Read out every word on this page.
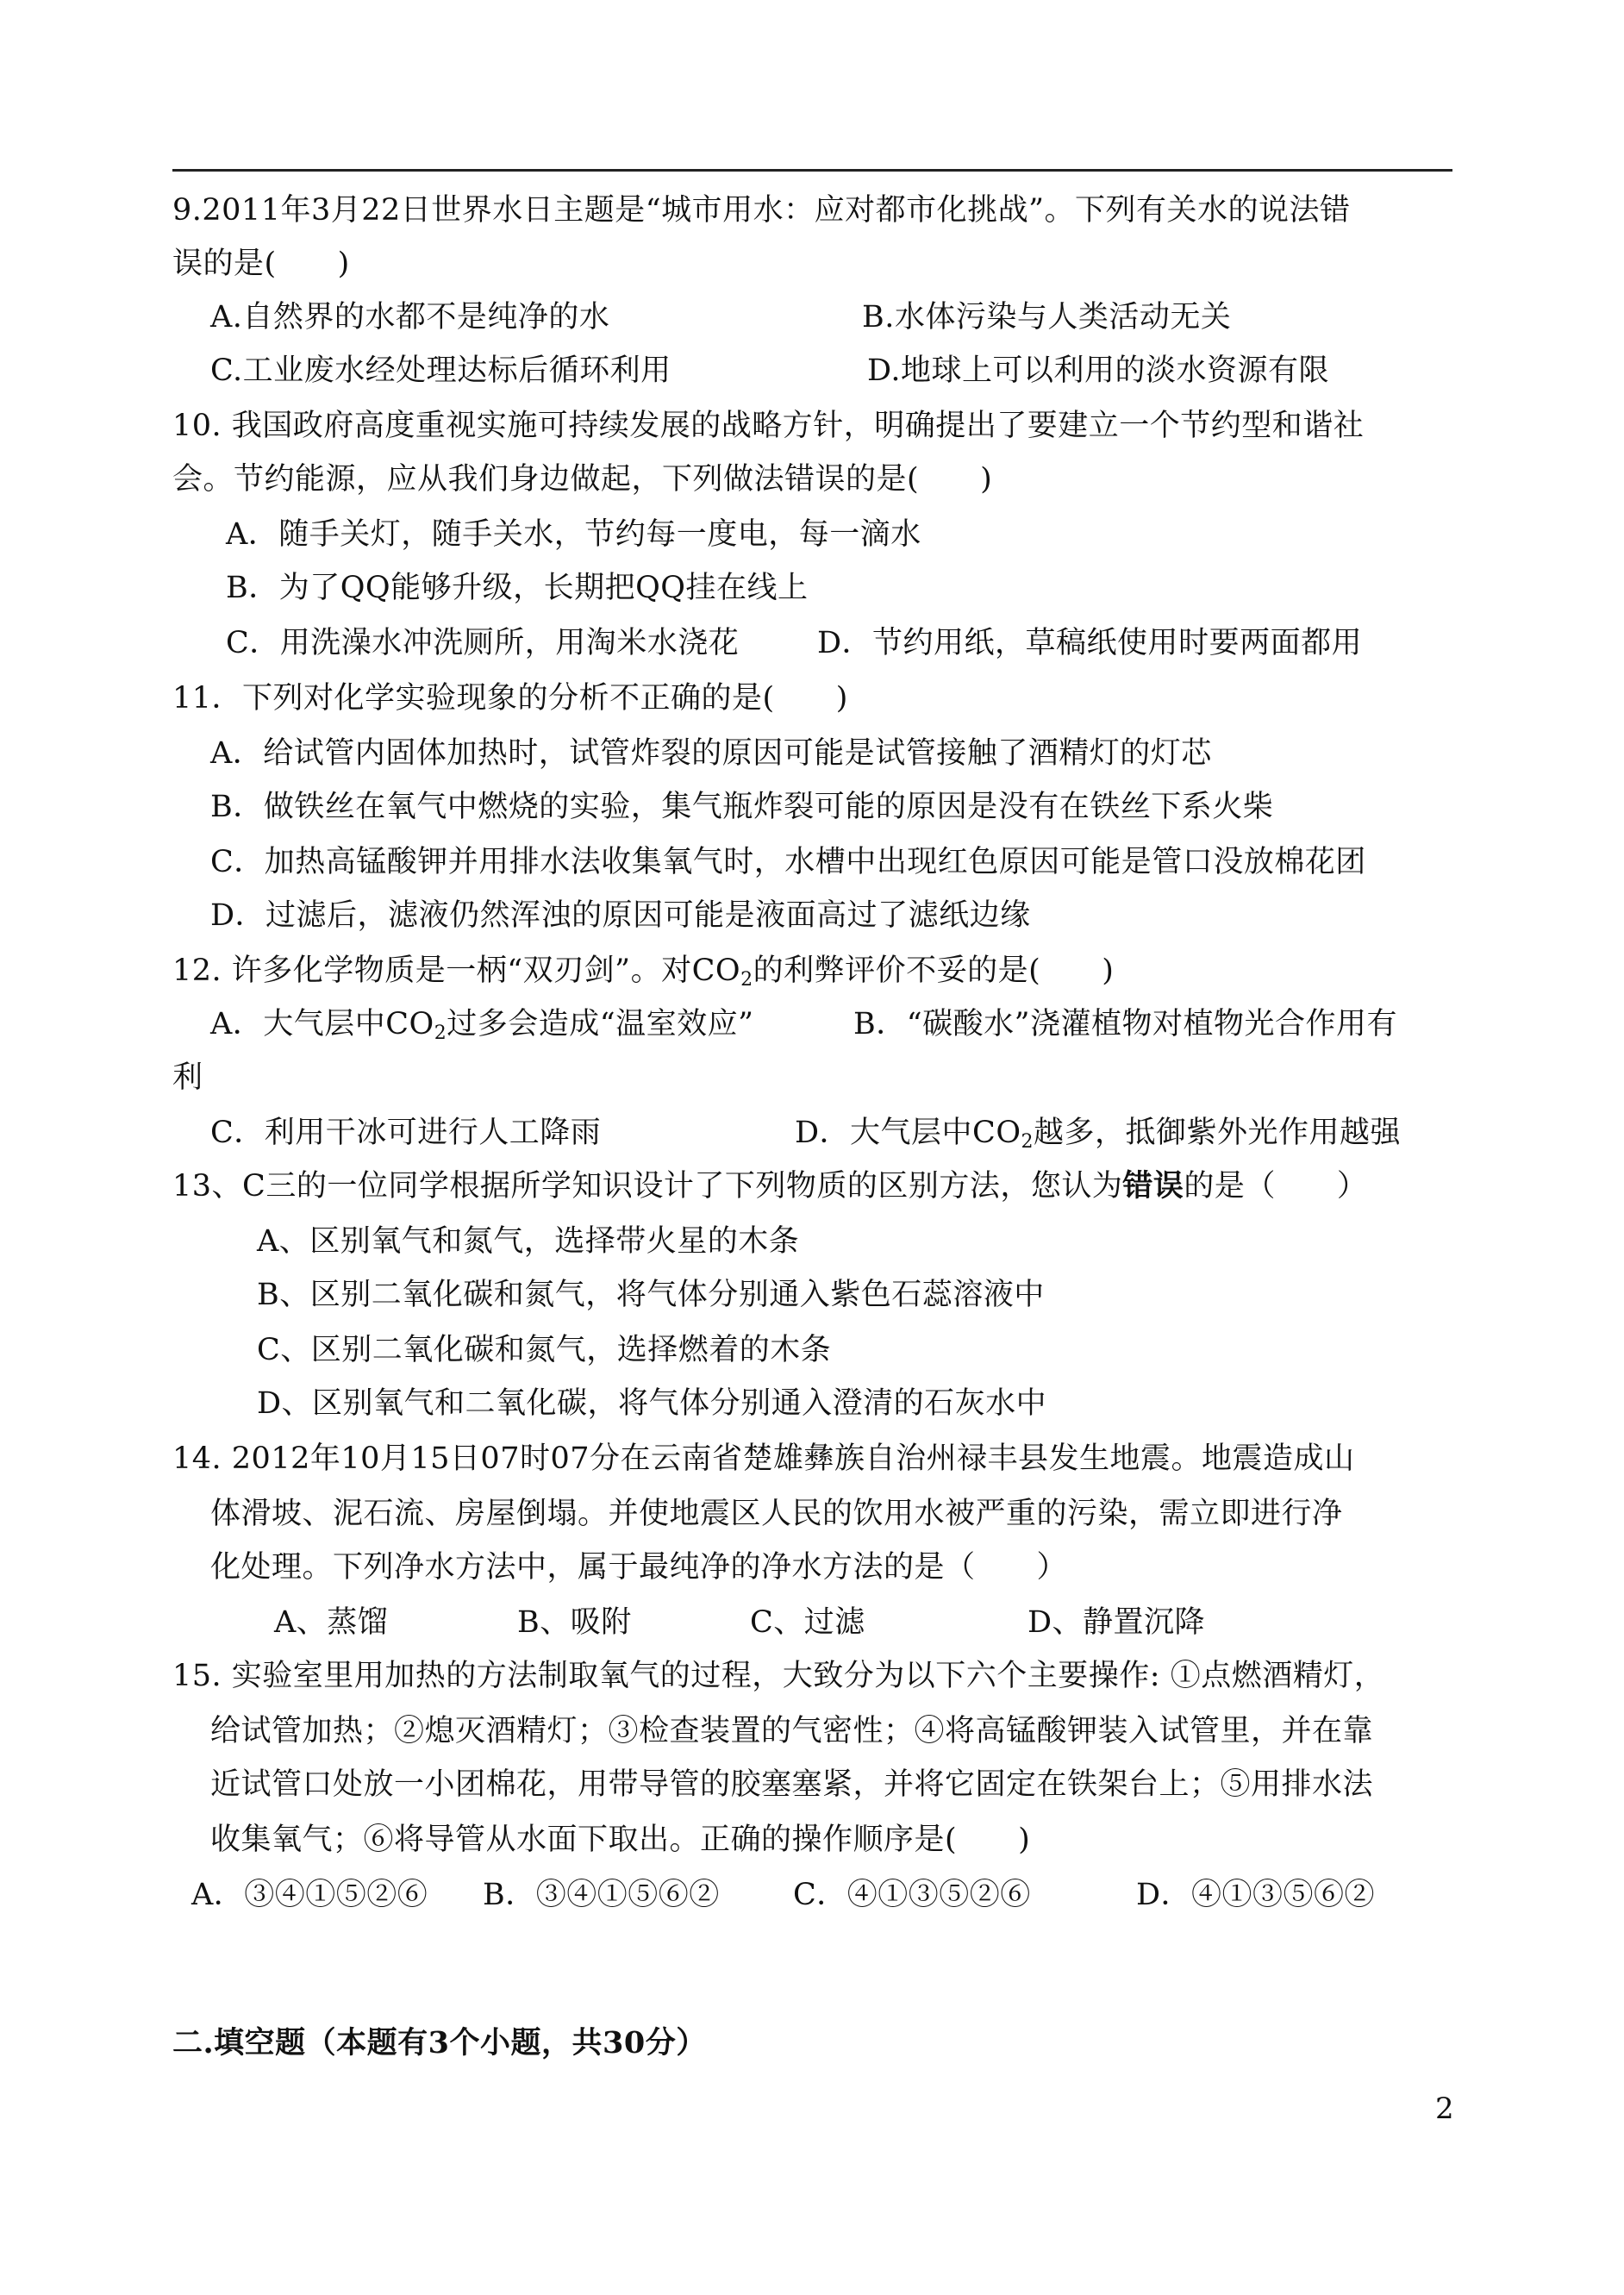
9.2011年3月22日世界水日主题是“城市用水：应对都市化挑战”。下列有关水的说法错
误的是(　　)
A.自然界的水都不是纯净的水	B.水体污染与人类活动无关
C.工业废水经处理达标后循环利用	D.地球上可以利用的淡水资源有限
10. 我国政府高度重视实施可持续发展的战略方针，明确提出了要建立一个节约型和谐社
会。节约能源，应从我们身边做起，下列做法错误的是(　　)
A．随手关灯，随手关水，节约每一度电，每一滴水
B．为了QQ能够升级，长期把QQ挂在线上
C．用洗澡水冲洗厕所，用淘米水浇花	D．节约用纸，草稿纸使用时要两面都用
11．下列对化学实验现象的分析不正确的是(　　)
A．给试管内固体加热时，试管炸裂的原因可能是试管接触了酒精灯的灯芯
B．做铁丝在氧气中燃烧的实验，集气瓶炸裂可能的原因是没有在铁丝下系火柴
C．加热高锰酸钾并用排水法收集氧气时，水槽中出现红色原因可能是管口没放棉花团
D．过滤后，滤液仍然浑浊的原因可能是液面高过了滤纸边缘
12. 许多化学物质是一柄“双刃剑”。对$CO_2$的利弊评价不妥的是(　　)
A．大气层中$CO_2$过多会造成“温室效应”	B．“碳酸水”浇灌植物对植物光合作用有
利
C．利用干冰可进行人工降雨	D．大气层中$CO_2$越多，抵御紫外光作用越强
13、C三的一位同学根据所学知识设计了下列物质的区别方法，您认为错误的是（　　）
A、区别氧气和氮气，选择带火星的木条
B、区别二氧化碳和氮气，将气体分别通入紫色石蕊溶液中
C、区别二氧化碳和氮气，选择燃着的木条
D、区别氧气和二氧化碳，将气体分别通入澄清的石灰水中
14. 2012年10月15日07时07分在云南省楚雄彝族自治州禄丰县发生地震。地震造成山
体滑坡、泥石流、房屋倒塌。并使地震区人民的饮用水被严重的污染，需立即进行净
化处理。下列净水方法中，属于最纯净的净水方法的是（　　）
A、蒸馏	B、吸附	C、过滤	D、静置沉降
15. 实验室里用加热的方法制取氧气的过程，大致分为以下六个主要操作: ①点燃酒精灯，
给试管加热；②熄灭酒精灯；③检查装置的气密性；④将高锰酸钾装入试管里，并在靠
近试管口处放一小团棉花，用带导管的胶塞塞紧，并将它固定在铁架台上；⑤用排水法
收集氧气；⑥将导管从水面下取出。正确的操作顺序是(　　)
A．③④①⑤②⑥ B．③④①⑤⑥② C．④①③⑤②⑥	D．④①③⑤⑥②
二.填空题（本题有3个小题，共30分）
2
